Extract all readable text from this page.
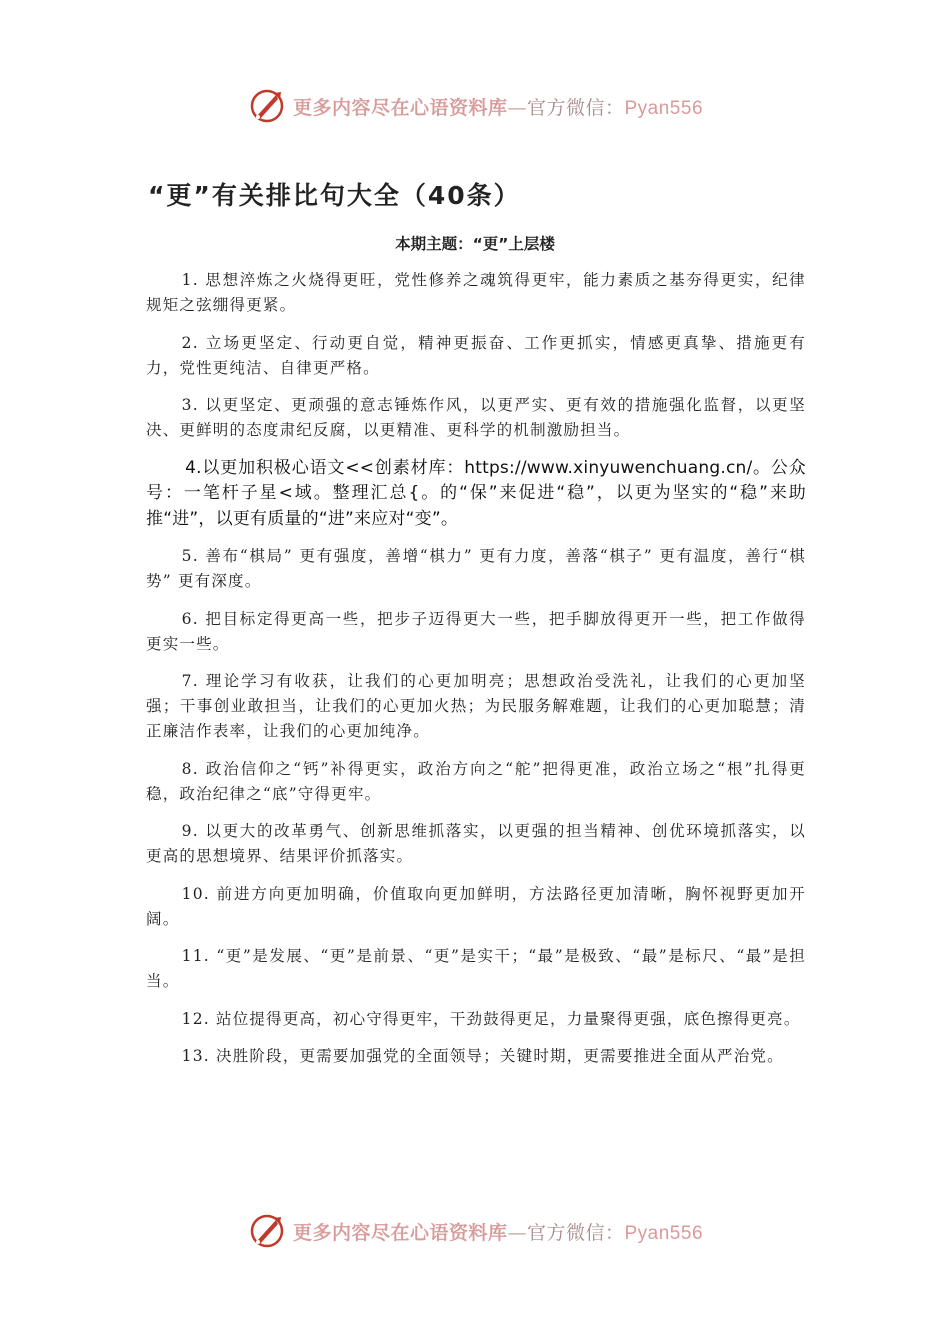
更多内容尽在心语资料库—官方微信：Pyan556
“更”有关排比句大全（40条）
本期主题：“更”上层楼

1. 思想淬炼之火烧得更旺，党性修养之魂筑得更牢，能力素质之基夯得更实，纪律规矩之弦绷得更紧。

2. 立场更坚定、行动更自觉，精神更振奋、工作更抓实，情感更真挚、措施更有力，党性更纯洁、自律更严格。

3. 以更坚定、更顽强的意志锤炼作风，以更严实、更有效的措施强化监督，以更坚决、更鲜明的态度肃纪反腐，以更精准、更科学的机制激励担当。

4.以更加积极心语文<<创素材库：https://www.xinyuwenchuang.cn/。公众号：一笔杆子星<域。整理汇总{。的“保”来促进“稳”，以更为坚实的“稳”来助推“进”，以更有质量的“进”来应对“变”。

5. 善布“棋局” 更有强度，善增“棋力” 更有力度，善落“棋子” 更有温度，善行“棋势” 更有深度。

6. 把目标定得更高一些，把步子迈得更大一些，把手脚放得更开一些，把工作做得更实一些。

7. 理论学习有收获，让我们的心更加明亮；思想政治受洗礼，让我们的心更加坚强；干事创业敢担当，让我们的心更加火热；为民服务解难题，让我们的心更加聪慧；清正廉洁作表率，让我们的心更加纯净。

8. 政治信仰之“钙”补得更实，政治方向之“舵”把得更准，政治立场之“根”扎得更稳，政治纪律之“底”守得更牢。

9. 以更大的改革勇气、创新思维抓落实，以更强的担当精神、创优环境抓落实，以更高的思想境界、结果评价抓落实。

10. 前进方向更加明确，价值取向更加鲜明，方法路径更加清晰，胸怀视野更加开阔。

11. “更”是发展、“更”是前景、“更”是实干；“最”是极致、“最”是标尺、“最”是担当。

12. 站位提得更高，初心守得更牢，干劲鼓得更足，力量聚得更强，底色擦得更亮。

13. 决胜阶段，更需要加强党的全面领导；关键时期，更需要推进全面从严治党。

更多内容尽在心语资料库—官方微信：Pyan556
